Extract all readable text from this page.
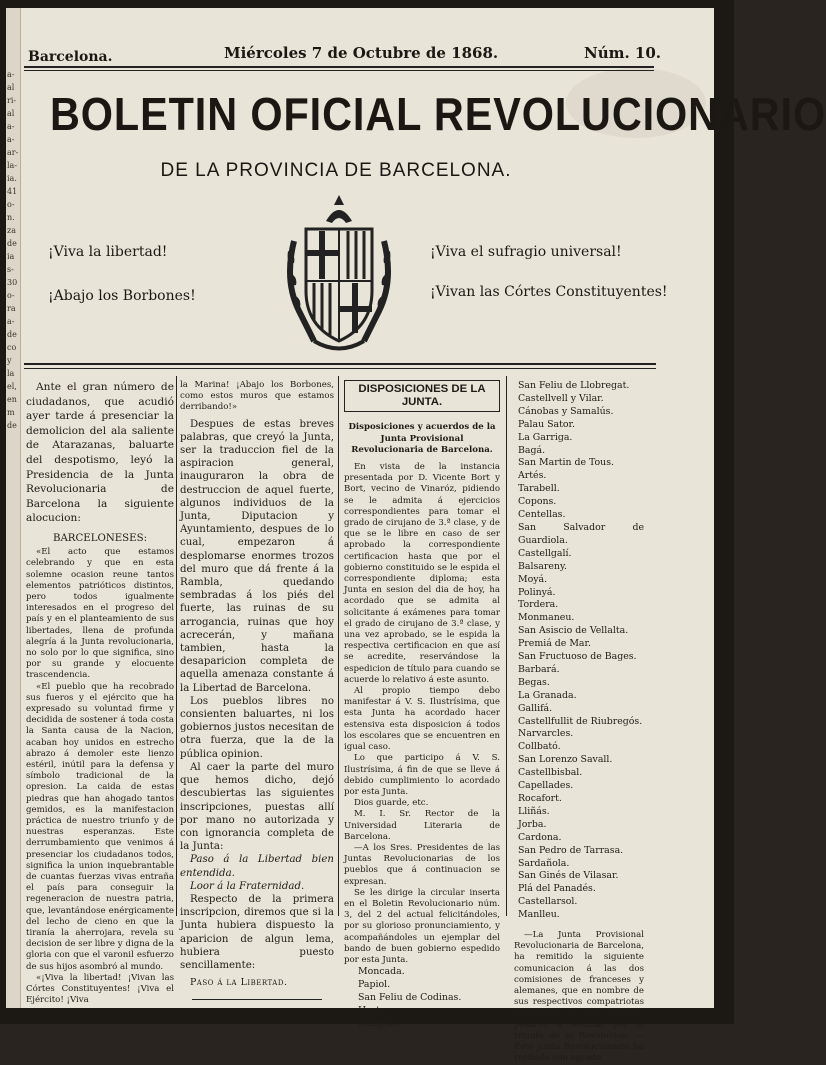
a- al ri- al a- a- ar- la- ia. 41 o- n. za de ia s- 30 o- ra a- de co y la el, en m de
Barcelona.	Miércoles 7 de Octubre de 1868.	Núm. 10.
BOLETIN OFICIAL REVOLUCIONARIO
DE LA PROVINCIA DE BARCELONA.
¡Viva la libertad!
¡Abajo los Borbones!
¡Viva el sufragio universal!
¡Vivan las Córtes Constituyentes!

Ante el gran número de ciudadanos, que acudió ayer tarde á presenciar la demolicion del ala saliente de Atarazanas, baluarte del despotismo, leyó la Presidencia de la Junta Revolucionaria de Barcelona la siguiente alocucion:

BARCELONESES:

«El acto que estamos celebrando y que en esta solemne ocasion reune tantos elementos patrióticos distintos, pero todos igualmente interesados en el progreso del país y en el planteamiento de sus libertades, llena de profunda alegría á la Junta revolucionaria, no solo por lo que significa, sino por su grande y elocuente trascendencia.

«El pueblo que ha recobrado sus fueros y el ejército que ha expresado su voluntad firme y decidida de sostener á toda costa la Santa causa de la Nacion, acaban hoy unidos en estrecho abrazo á demoler este lienzo estéril, inútil para la defensa y símbolo tradicional de la opresion. La caida de estas piedras que han ahogado tantos gemidos, es la manifestacion práctica de nuestro triunfo y de nuestras esperanzas. Este derrumbamiento que venimos á presenciar los ciudadanos todos, significa la union inquebrantable de cuantas fuerzas vivas entraña el país para conseguir la regeneracion de nuestra patria, que, levantándose enérgicamente del lecho de cieno en que la tiranía la aherrojara, revela su decision de ser libre y digna de la gloria con que el varonil esfuerzo de sus hijos asombró al mundo.

«¡Viva la libertad! ¡Vivan las Córtes Constituyentes! ¡Viva el Ejército! ¡Viva

la Marina! ¡Abajo los Borbones, como estos muros que estamos derribando!»

Despues de estas breves palabras, que creyó la Junta, ser la traduccion fiel de la aspiracion general, inauguraron la obra de destruccion de aquel fuerte, algunos individuos de la Junta, Diputacion y Ayuntamiento, despues de lo cual, empezaron á desplomarse enormes trozos del muro que dá frente á la Rambla, quedando sembradas á los piés del fuerte, las ruinas de su arrogancia, ruinas que hoy acrecerán, y mañana tambien, hasta la desaparicion completa de aquella amenaza constante á la Libertad de Barcelona.

Los pueblos libres no consienten baluartes, ni los gobiernos justos necesitan de otra fuerza, que la de la pública opinion.

Al caer la parte del muro que hemos dicho, dejó descubiertas las siguientes inscripciones, puestas allí por mano no autorizada y con ignorancia completa de la Junta:

Paso á la Libertad bien entendida.

Loor á la Fraternidad.

Respecto de la primera inscripcion, diremos que si la Junta hubiera dispuesto la aparicion de algun lema, hubiera puesto sencillamente:

Paso á la Libertad.

DISPOSICIONES DE LA JUNTA.

Disposiciones y acuerdos de la Junta Provisional Revolucionaria de Barcelona.

En vista de la instancia presentada por D. Vicente Bort y Bort, vecino de Vinaróz, pidiendo se le admita á ejercicios correspondientes para tomar el grado de cirujano de 3.ª clase, y de que se le libre en caso de ser aprobado la correspondiente certificacion hasta que por el gobierno constituido se le espida el correspondiente diploma; esta Junta en sesion del dia de hoy, ha acordado que se admita al solicitante á exámenes para tomar el grado de cirujano de 3.ª clase, y una vez aprobado, se le espida la respectiva certificacion en que así se acredite, reservándose la espedicion de título para cuando se acuerde lo relativo á este asunto.

Al propio tiempo debo manifestar á V. S. Ilustrísima, que esta Junta ha acordado hacer estensiva esta disposicion á todos los escolares que se encuentren en igual caso.

Lo que participo á V. S. Ilustrísima, á fin de que se lleve á debido cumplimiento lo acordado por esta Junta.

Dios guarde, etc.

M. I. Sr. Rector de la Universidad Literaria de Barcelona.

—A los Sres. Presidentes de las Juntas Revolucionarias de los pueblos que á continuacion se expresan.

Se les dirige la circular inserta en el Boletin Revolucionario núm. 3, del 2 del actual felicitándoles, por su glorioso pronunciamiento, y acompañándoles un ejemplar del bando de buen gobierno espedido por esta Junta.

Moncada.
Papiol.
San Feliu de Codinas.
Horta.
Malgrat.
San Feliu de Llobregat.
Castellvell y Vilar.
Cánobas y Samalús.
Palau Sator.
La Garriga.
Bagá.
San Martin de Tous.
Artés.
Tarabell.
Copons.
Centellas.
San Salvador de Guardiola.
Castellgalí.
Balsareny.
Moyá.
Polinyá.
Tordera.
Monmaneu.
San Asiscio de Vellalta.
Premiá de Mar.
San Fructuoso de Bages.
Barbará.
Begas.
La Granada.
Gallifá.
Castellfullit de Riubregós.
Narvarcles.
Collbató.
San Lorenzo Savall.
Castellbisbal.
Capellades.
Rocafort.
Lliñás.
Jorba.
Cardona.
San Pedro de Tarrasa.
Sardañola.
San Ginés de Vilasar.
Plá del Panadés.
Castellarsol.
Manlleu.

—La Junta Provisional Revolucionaria de Barcelona, ha remitido la siguiente comunicacion á las dos comisiones de franceses y alemanes, que en nombre de sus respectivos compatriotas residentes en esta Capital, pasaron á felicitar por el triunfo de la Revolucion. — Esta Junta Revolucionaria ha recibido con agrado
